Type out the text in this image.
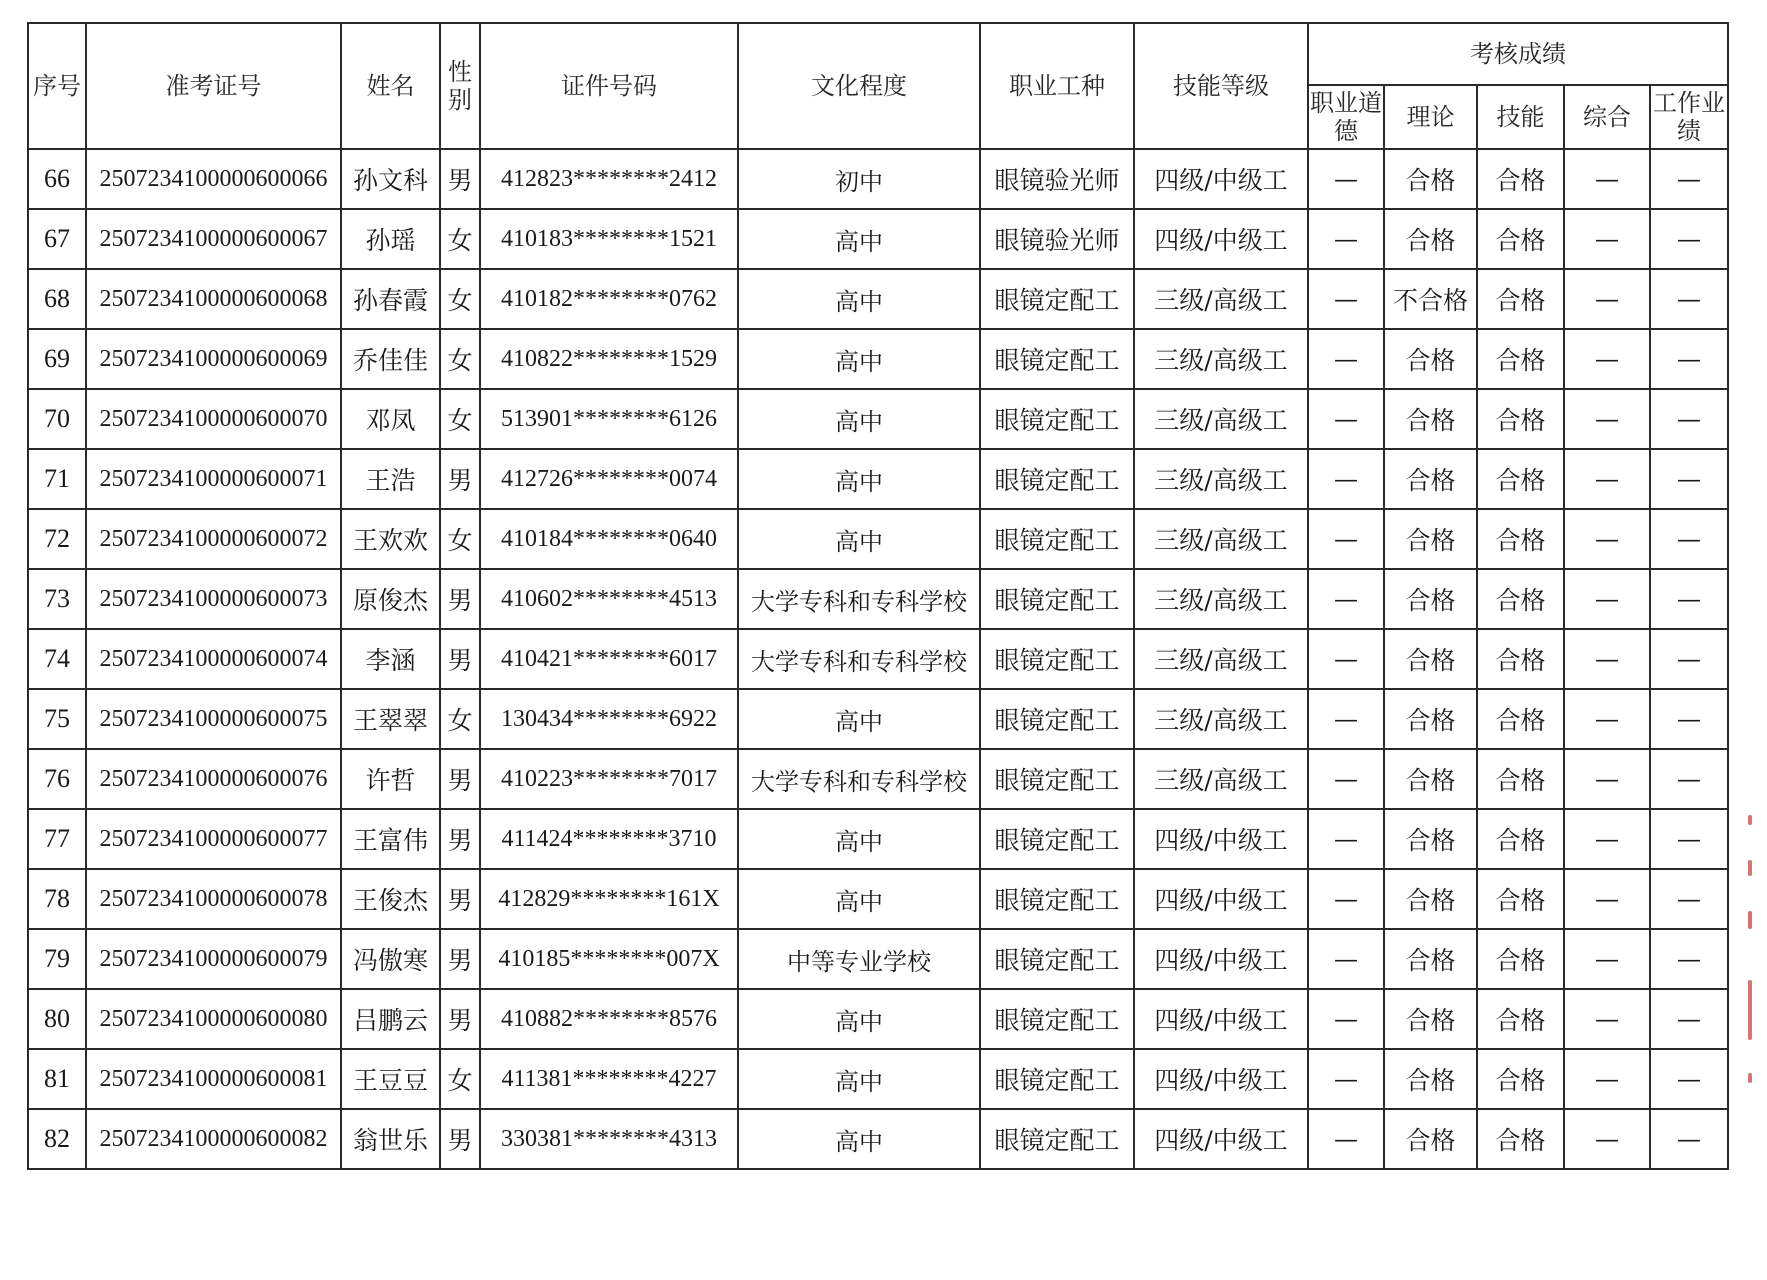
序号	准考证号	姓名	性别	证件号码	文化程度	职业工种	技能等级	考核成绩				
								职业道德	理论	技能	综合	工作业绩
66	2507234100000600066	孙文科	男	412823********2412	初中	眼镜验光师	四级/中级工	—	合格	合格	—	—
67	2507234100000600067	孙瑶	女	410183********1521	高中	眼镜验光师	四级/中级工	—	合格	合格	—	—
68	2507234100000600068	孙春霞	女	410182********0762	高中	眼镜定配工	三级/高级工	—	不合格	合格	—	—
69	2507234100000600069	乔佳佳	女	410822********1529	高中	眼镜定配工	三级/高级工	—	合格	合格	—	—
70	2507234100000600070	邓凤	女	513901********6126	高中	眼镜定配工	三级/高级工	—	合格	合格	—	—
71	2507234100000600071	王浩	男	412726********0074	高中	眼镜定配工	三级/高级工	—	合格	合格	—	—
72	2507234100000600072	王欢欢	女	410184********0640	高中	眼镜定配工	三级/高级工	—	合格	合格	—	—
73	2507234100000600073	原俊杰	男	410602********4513	大学专科和专科学校	眼镜定配工	三级/高级工	—	合格	合格	—	—
74	2507234100000600074	李涵	男	410421********6017	大学专科和专科学校	眼镜定配工	三级/高级工	—	合格	合格	—	—
75	2507234100000600075	王翠翠	女	130434********6922	高中	眼镜定配工	三级/高级工	—	合格	合格	—	—
76	2507234100000600076	许哲	男	410223********7017	大学专科和专科学校	眼镜定配工	三级/高级工	—	合格	合格	—	—
77	2507234100000600077	王富伟	男	411424********3710	高中	眼镜定配工	四级/中级工	—	合格	合格	—	—
78	2507234100000600078	王俊杰	男	412829********161X	高中	眼镜定配工	四级/中级工	—	合格	合格	—	—
79	2507234100000600079	冯傲寒	男	410185********007X	中等专业学校	眼镜定配工	四级/中级工	—	合格	合格	—	—
80	2507234100000600080	吕鹏云	男	410882********8576	高中	眼镜定配工	四级/中级工	—	合格	合格	—	—
81	2507234100000600081	王豆豆	女	411381********4227	高中	眼镜定配工	四级/中级工	—	合格	合格	—	—
82	2507234100000600082	翁世乐	男	330381********4313	高中	眼镜定配工	四级/中级工	—	合格	合格	—	—
